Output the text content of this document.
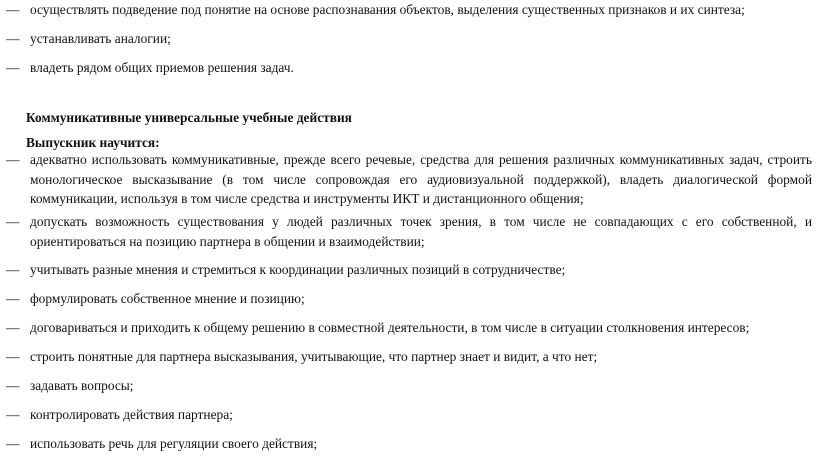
— осуществлять подведение под понятие на основе распознавания объектов, выделения существенных признаков и их синтеза;
— устанавливать аналогии;
— владеть рядом общих приемов решения задач.
Коммуникативные универсальные учебные действия
Выпускник научится:
— адекватно использовать коммуникативные, прежде всего речевые, средства для решения различных коммуникативных задач, строить монологическое высказывание (в том числе сопровождая его аудиовизуальной поддержкой), владеть диалогической формой коммуникации, используя в том числе средства и инструменты ИКТ и дистанционного общения;
— допускать возможность существования у людей различных точек зрения, в том числе не совпадающих с его собственной, и ориентироваться на позицию партнера в общении и взаимодействии;
— учитывать разные мнения и стремиться к координации различных позиций в сотрудничестве;
— формулировать собственное мнение и позицию;
— договариваться и приходить к общему решению в совместной деятельности, в том числе в ситуации столкновения интересов;
— строить понятные для партнера высказывания, учитывающие, что партнер знает и видит, а что нет;
— задавать вопросы;
— контролировать действия партнера;
— использовать речь для регуляции своего действия;
